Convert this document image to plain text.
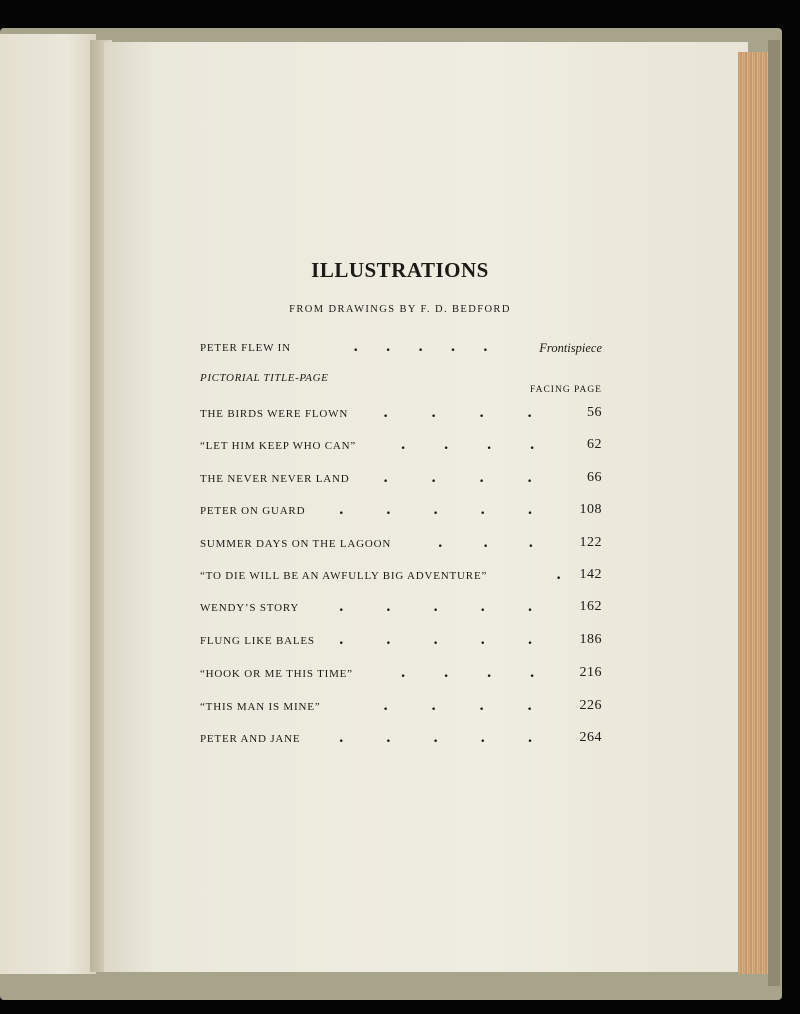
ILLUSTRATIONS
FROM DRAWINGS BY F. D. BEDFORD
PETER FLEW IN	. . . . .	Frontispiece
PICTORIAL TITLE-PAGE
FACING PAGE
THE BIRDS WERE FLOWN .	.	.	.	56
“LET HIM KEEP WHO CAN”	. . . .	62
THE NEVER NEVER LAND .	.	.	.	66
PETER ON GUARD .	.	.	.	.	108
SUMMER DAYS ON THE LAGOON	.	.	.	122
“TO DIE WILL BE AN AWFULLY BIG ADVENTURE”	. 142
WENDY’S STORY	.	.	.	.	.	162
FLUNG LIKE BALES .	.	.	.	.	186
“HOOK OR ME THIS TIME”	. . . .	216
“THIS MAN IS MINE”	.	.	.	.	226
PETER AND JANE .	.	.	.	.	264
